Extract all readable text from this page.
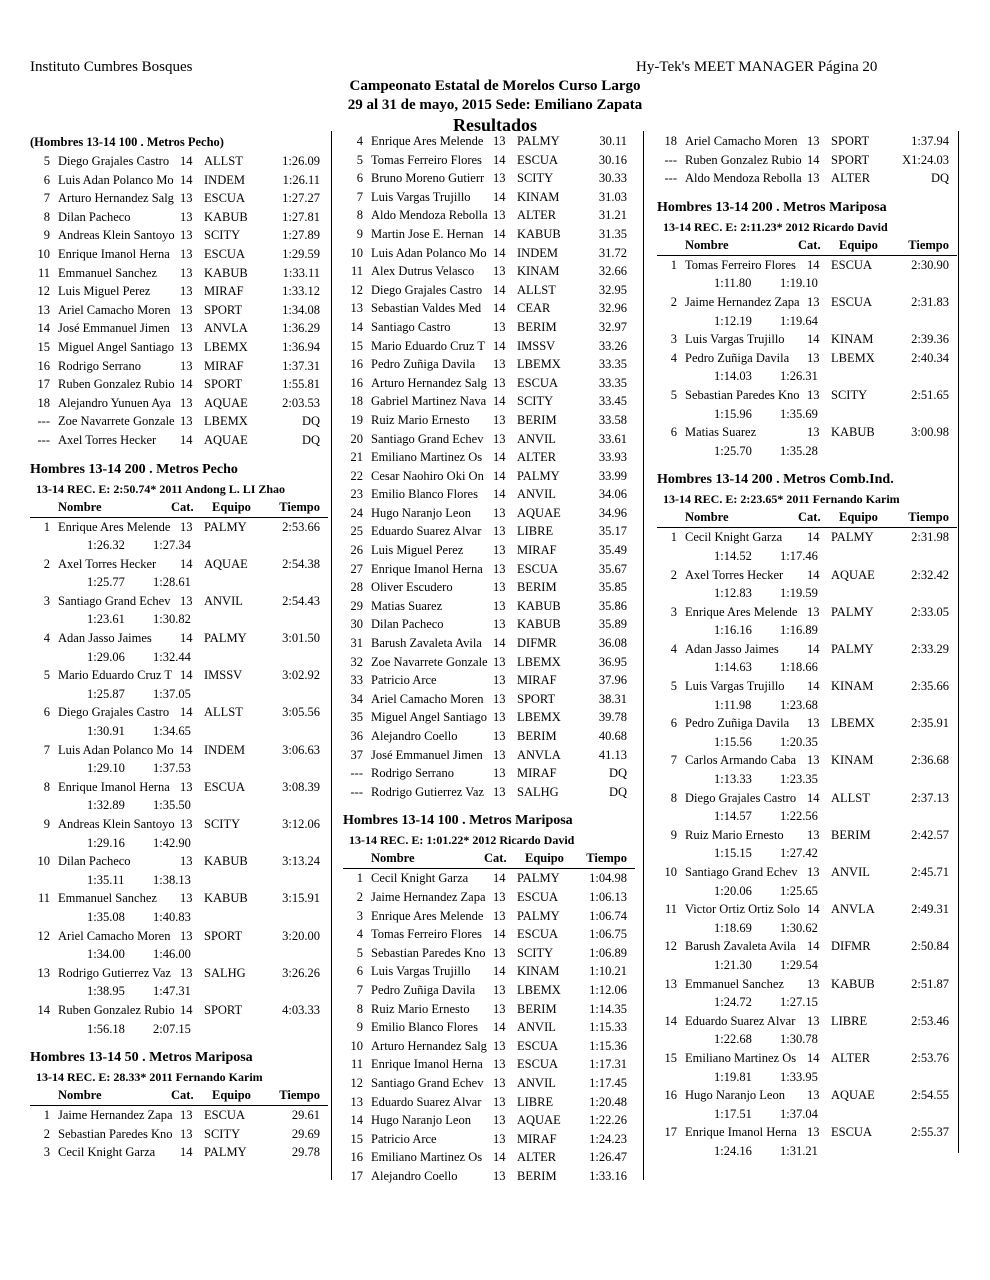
Instituto Cumbres Bosques	Hy-Tek's MEET MANAGER Página 20
Campeonato Estatal de Morelos Curso Largo
29 al 31 de mayo, 2015 Sede: Emiliano Zapata
Resultados
(Hombres 13-14 100 . Metros Pecho)
5 Diego Grajales Castro 14 ALLST	1:26.09
6 Luis Adan Polanco Mo 14 INDEM	1:26.11
7 Arturo Hernandez Salg 13 ESCUA	1:27.27
8 Dilan Pacheco	13 KABUB	1:27.81
9 Andreas Klein Santoyo 13 SCITY	1:27.89
10 Enrique Imanol Herna 13 ESCUA	1:29.59
11 Emmanuel Sanchez	13 KABUB	1:33.11
12 Luis Miguel Perez	13 MIRAF	1:33.12
13 Ariel Camacho Moren 13 SPORT	1:34.08
14 José Emmanuel Jimen 13 ANVLA	1:36.29
15 Miguel Angel Santiago 13 LBEMX	1:36.94
16 Rodrigo Serrano	13 MIRAF	1:37.31
17 Ruben Gonzalez Rubio 14 SPORT	1:55.81
18 Alejandro Yunuen Aya 13 AQUAE	2:03.53
--- Zoe Navarrete Gonzale 13 LBEMX	DQ
--- Axel Torres Hecker	14 AQUAE	DQ
Hombres 13-14 200 . Metros Pecho
13-14 REC. E: 2:50.74* 2011 Andong L. LI Zhao
Nombre	Cat. Equipo Tiempo
1 Enrique Ares Melende 13 PALMY	2:53.66
1:26.32 1:27.34
2 Axel Torres Hecker	14 AQUAE	2:54.38
1:25.77 1:28.61
3 Santiago Grand Echev 13 ANVIL	2:54.43
1:23.61 1:30.82
4 Adan Jasso Jaimes	14 PALMY	3:01.50
1:29.06 1:32.44
5 Mario Eduardo Cruz T 14 IMSSV	3:02.92
1:25.87 1:37.05
6 Diego Grajales Castro 14 ALLST	3:05.56
1:30.91 1:34.65
7 Luis Adan Polanco Mo 14 INDEM	3:06.63
1:29.10 1:37.53
8 Enrique Imanol Herna 13 ESCUA	3:08.39
1:32.89 1:35.50
9 Andreas Klein Santoyo 13 SCITY	3:12.06
1:29.16 1:42.90
10 Dilan Pacheco	13 KABUB	3:13.24
1:35.11 1:38.13
11 Emmanuel Sanchez	13 KABUB	3:15.91
1:35.08 1:40.83
12 Ariel Camacho Moren 13 SPORT	3:20.00
1:34.00 1:46.00
13 Rodrigo Gutierrez Vaz 13 SALHG	3:26.26
1:38.95 1:47.31
14 Ruben Gonzalez Rubio 14 SPORT	4:03.33
1:56.18 2:07.15
Hombres 13-14 50 . Metros Mariposa
13-14 REC. E: 28.33* 2011 Fernando Karim
Nombre	Cat. Equipo Tiempo
1 Jaime Hernandez Zapa 13 ESCUA	29.61
2 Sebastian Paredes Kno 13 SCITY	29.69
3 Cecil Knight Garza	14 PALMY	29.78
4 Enrique Ares Melende 13 PALMY	30.11
5 Tomas Ferreiro Flores 14 ESCUA	30.16
6 Bruno Moreno Gutierr 13 SCITY	30.33
7 Luis Vargas Trujillo	14 KINAM	31.03
8 Aldo Mendoza Rebolla 13 ALTER	31.21
9 Martin Jose E. Hernan 14 KABUB	31.35
10 Luis Adan Polanco Mo 14 INDEM	31.72
11 Alex Dutrus Velasco	13 KINAM	32.66
12 Diego Grajales Castro 14 ALLST	32.95
13 Sebastian Valdes Med 14 CEAR	32.96
14 Santiago Castro	13 BERIM	32.97
15 Mario Eduardo Cruz T 14 IMSSV	33.26
16 Pedro Zuñiga Davila	13 LBEMX	33.35
16 Arturo Hernandez Salg 13 ESCUA	33.35
18 Gabriel Martinez Nava 14 SCITY	33.45
19 Ruiz Mario Ernesto	13 BERIM	33.58
20 Santiago Grand Echev 13 ANVIL	33.61
21 Emiliano Martinez Os 14 ALTER	33.93
22 Cesar Naohiro Oki On 14 PALMY	33.99
23 Emilio Blanco Flores	14 ANVIL	34.06
24 Hugo Naranjo Leon	13 AQUAE	34.96
25 Eduardo Suarez Alvar 13 LIBRE	35.17
26 Luis Miguel Perez	13 MIRAF	35.49
27 Enrique Imanol Herna 13 ESCUA	35.67
28 Oliver Escudero	13 BERIM	35.85
29 Matias Suarez	13 KABUB	35.86
30 Dilan Pacheco	13 KABUB	35.89
31 Barush Zavaleta Avila 14 DIFMR	36.08
32 Zoe Navarrete Gonzale 13 LBEMX	36.95
33 Patricio Arce	13 MIRAF	37.96
34 Ariel Camacho Moren 13 SPORT	38.31
35 Miguel Angel Santiago 13 LBEMX	39.78
36 Alejandro Coello	13 BERIM	40.68
37 José Emmanuel Jimen 13 ANVLA	41.13
--- Rodrigo Serrano	13 MIRAF	DQ
--- Rodrigo Gutierrez Vaz 13 SALHG	DQ
Hombres 13-14 100 . Metros Mariposa
13-14 REC. E: 1:01.22* 2012 Ricardo David
Nombre	Cat. Equipo Tiempo
1 Cecil Knight Garza	14 PALMY 1:04.98
2 Jaime Hernandez Zapa 13 ESCUA 1:06.13
3 Enrique Ares Melende 13 PALMY 1:06.74
4 Tomas Ferreiro Flores 14 ESCUA 1:06.75
5 Sebastian Paredes Kno 13 SCITY	1:06.89
6 Luis Vargas Trujillo	14 KINAM 1:10.21
7 Pedro Zuñiga Davila	13 LBEMX 1:12.06
8 Ruiz Mario Ernesto	13 BERIM	1:14.35
9 Emilio Blanco Flores	14 ANVIL	1:15.33
10 Arturo Hernandez Salg 13 ESCUA 1:15.36
11 Enrique Imanol Herna 13 ESCUA 1:17.31
12 Santiago Grand Echev 13 ANVIL	1:17.45
13 Eduardo Suarez Alvar 13 LIBRE	1:20.48
14 Hugo Naranjo Leon	13 AQUAE 1:22.26
15 Patricio Arce	13 MIRAF	1:24.23
16 Emiliano Martinez Os 14 ALTER	1:26.47
17 Alejandro Coello	13 BERIM	1:33.16
18 Ariel Camacho Moren 13 SPORT	1:37.94
--- Ruben Gonzalez Rubio 14 SPORT	X1:24.03
--- Aldo Mendoza Rebolla 13 ALTER	DQ
Hombres 13-14 200 . Metros Mariposa
13-14 REC. E: 2:11.23* 2012 Ricardo David
Nombre	Cat. Equipo Tiempo
1 Tomas Ferreiro Flores 14 ESCUA	2:30.90
1:11.80 1:19.10
2 Jaime Hernandez Zapa 13 ESCUA	2:31.83
1:12.19 1:19.64
3 Luis Vargas Trujillo	14 KINAM	2:39.36
4 Pedro Zuñiga Davila	13 LBEMX	2:40.34
1:14.03 1:26.31
5 Sebastian Paredes Kno 13 SCITY	2:51.65
1:15.96 1:35.69
6 Matias Suarez	13 KABUB	3:00.98
1:25.70 1:35.28
Hombres 13-14 200 . Metros Comb.Ind.
13-14 REC. E: 2:23.65* 2011 Fernando Karim
Nombre	Cat. Equipo Tiempo
1 Cecil Knight Garza	14 PALMY	2:31.98
1:14.52 1:17.46
2 Axel Torres Hecker	14 AQUAE	2:32.42
1:12.83 1:19.59
3 Enrique Ares Melende 13 PALMY	2:33.05
1:16.16 1:16.89
4 Adan Jasso Jaimes	14 PALMY	2:33.29
1:14.63 1:18.66
5 Luis Vargas Trujillo	14 KINAM	2:35.66
1:11.98 1:23.68
6 Pedro Zuñiga Davila	13 LBEMX	2:35.91
1:15.56 1:20.35
7 Carlos Armando Caba 13 KINAM	2:36.68
1:13.33 1:23.35
8 Diego Grajales Castro 14 ALLST	2:37.13
1:14.57 1:22.56
9 Ruiz Mario Ernesto	13 BERIM	2:42.57
1:15.15 1:27.42
10 Santiago Grand Echev 13 ANVIL	2:45.71
1:20.06 1:25.65
11 Victor Ortiz Ortiz Solo 14 ANVLA	2:49.31
1:18.69 1:30.62
12 Barush Zavaleta Avila 14 DIFMR	2:50.84
1:21.30 1:29.54
13 Emmanuel Sanchez	13 KABUB	2:51.87
1:24.72 1:27.15
14 Eduardo Suarez Alvar 13 LIBRE	2:53.46
1:22.68 1:30.78
15 Emiliano Martinez Os 14 ALTER	2:53.76
1:19.81 1:33.95
16 Hugo Naranjo Leon	13 AQUAE	2:54.55
1:17.51 1:37.04
17 Enrique Imanol Herna 13 ESCUA	2:55.37
1:24.16 1:31.21
